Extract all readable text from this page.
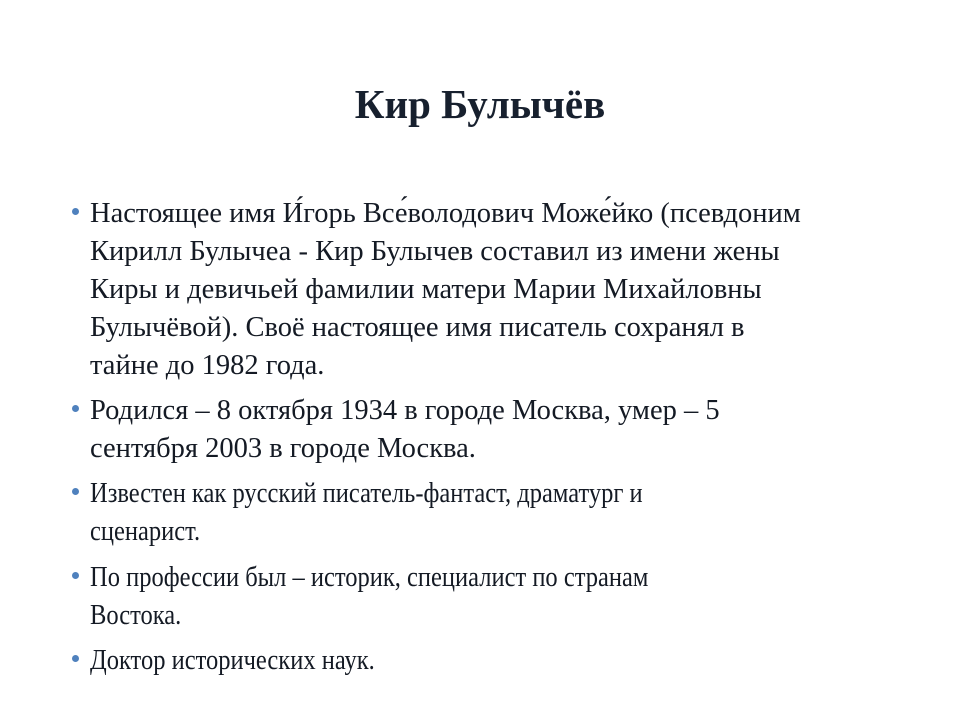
Кир Булычёв
Настоящее имя И́горь Все́володович Може́йко (псевдоним
Кирилл Булычеа - Кир Булычев составил из имени жены
Киры и девичьей фамилии матери Марии Михайловны
Булычёвой). Своё настоящее имя писатель сохранял в
тайне до 1982 года.
Родился – 8 октября 1934 в городе Москва, умер – 5
сентября 2003 в городе Москва.
Известен как русский писатель-фантаст, драматург и
сценарист.
По профессии был – историк, специалист по странам
Востока.
Доктор исторических наук.
